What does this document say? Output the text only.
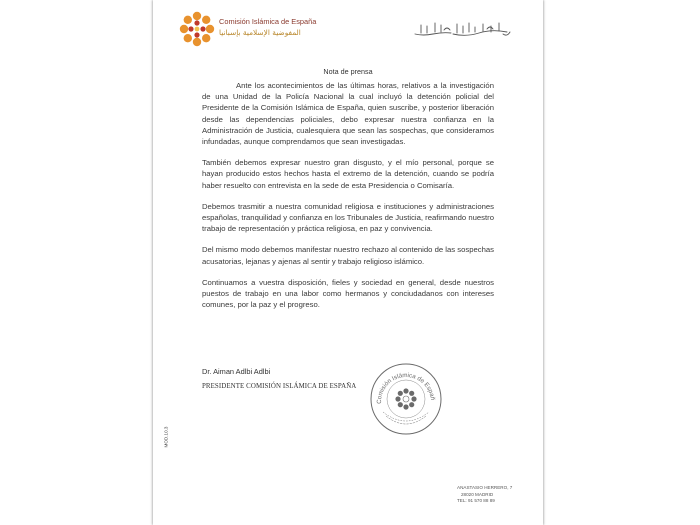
Comisión Islámica de España
المفوضية الإسلامية بإسبانيا
Nota de prensa

Ante los acontecimientos de las últimas horas, relativos a la investigación de una Unidad de la Policía Nacional la cual incluyó la detención policial del Presidente de la Comisión Islámica de España, quien suscribe, y posterior liberación desde las dependencias policiales, debo expresar nuestra confianza en la Administración de Justicia, cualesquiera que sean las sospechas, que consideramos infundadas, aunque comprendamos que sean investigadas.

También debemos expresar nuestro gran disgusto, y el mío personal, porque se hayan producido estos hechos hasta el extremo de la detención, cuando se podría haber resuelto con entrevista en la sede de esta Presidencia o Comisaría.

Debemos trasmitir a nuestra comunidad religiosa e instituciones y administraciones españolas, tranquilidad y confianza en los Tribunales de Justicia, reafirmando nuestro trabajo de representación y práctica religiosa, en paz y convivencia.

Del mismo modo debemos manifestar nuestro rechazo al contenido de las sospechas acusatorias, lejanas y ajenas al sentir y trabajo religioso islámico.

Continuamos a vuestra disposición, fieles y sociedad en general, desde nuestros puestos de trabajo en una labor como hermanos y conciudadanos con intereses comunes, por la paz y el progreso.

Dr. Aiman Adlbi Adlbi
PRESIDENTE COMISIÓN ISLÁMICA DE ESPAÑA
Comisión Islámica de Españ
MOD.10.3
ANASTASIO HERRERO, 7
28020 MADRID
TEL: 91 570 88 89
